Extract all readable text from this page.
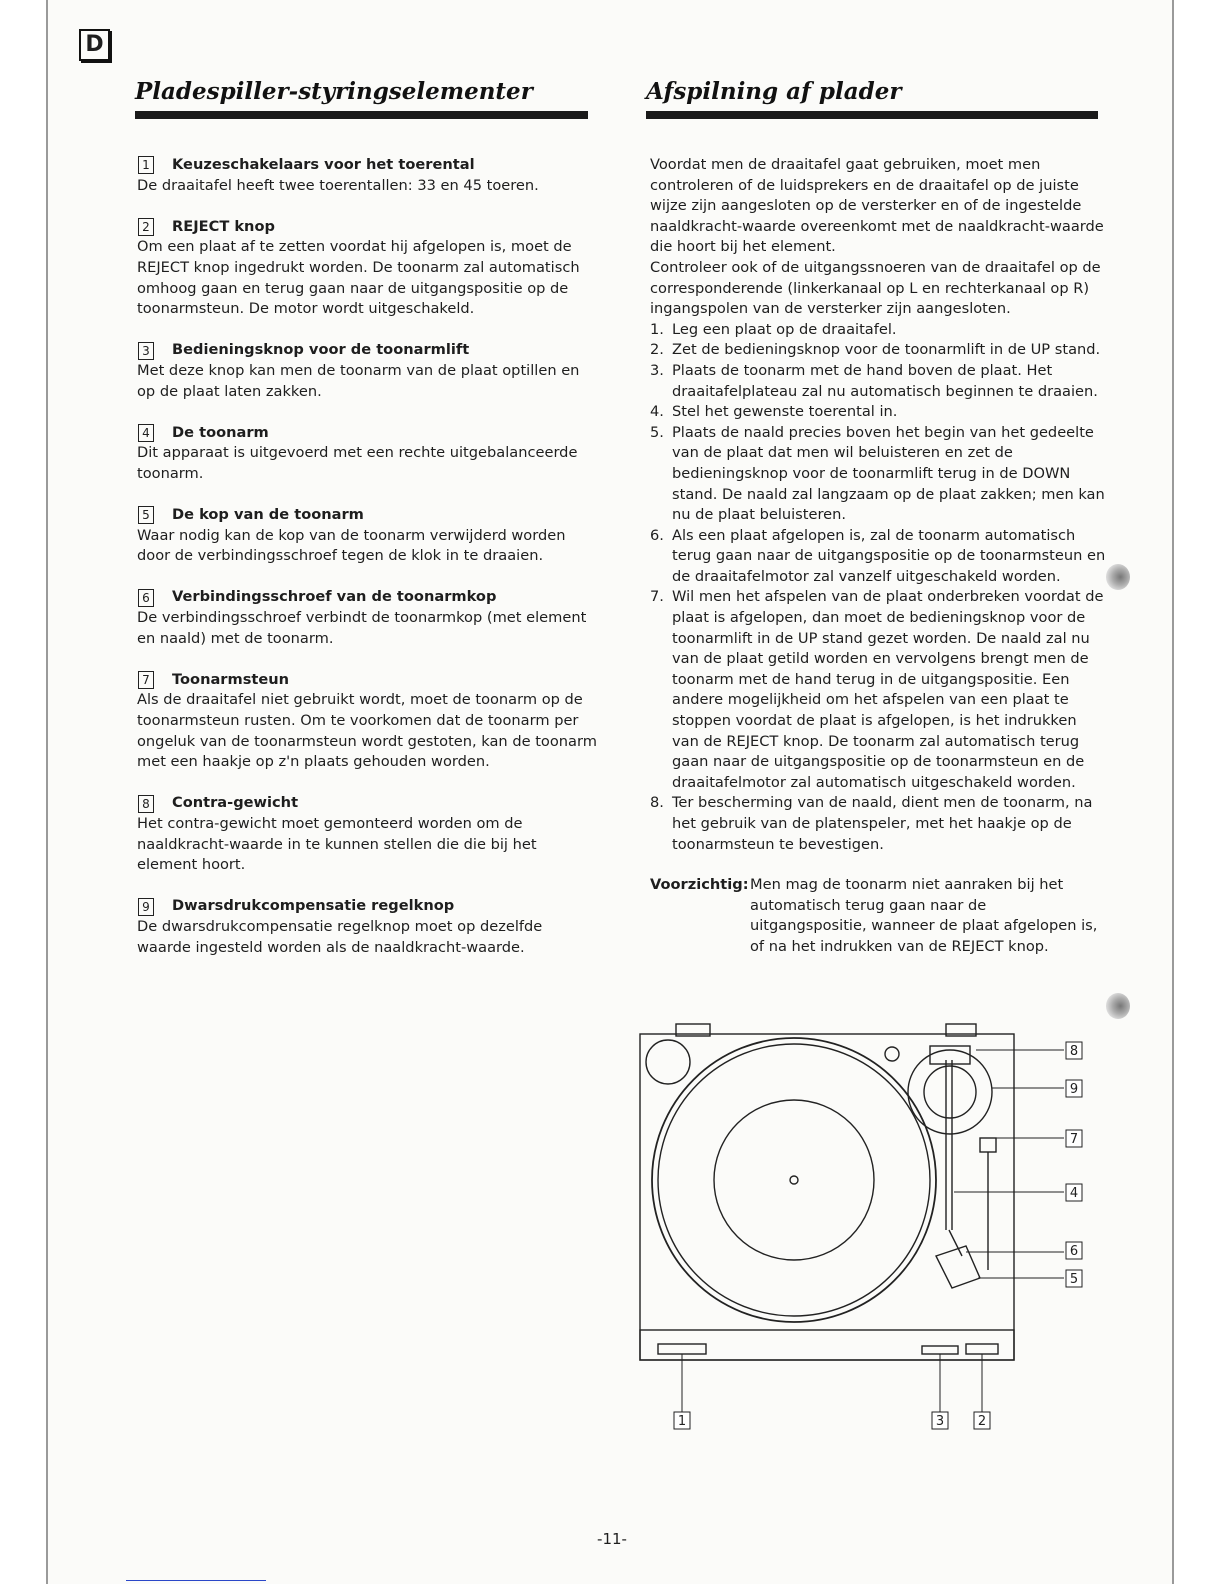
D
Pladespiller-styringselementer
1 Keuzeschakelaars voor het toerental

De draaitafel heeft twee toerentallen: 33 en 45 toeren.

2 REJECT knop

Om een plaat af te zetten voordat hij afgelopen is, moet de REJECT knop ingedrukt worden. De toonarm zal automatisch omhoog gaan en terug gaan naar de uitgangspositie op de toonarmsteun. De motor wordt uitgeschakeld.

3 Bedieningsknop voor de toonarmlift

Met deze knop kan men de toonarm van de plaat optillen en op de plaat laten zakken.

4 De toonarm

Dit apparaat is uitgevoerd met een rechte uitgebalanceerde toonarm.

5 De kop van de toonarm

Waar nodig kan de kop van de toonarm verwijderd worden door de verbindingsschroef tegen de klok in te draaien.

6 Verbindingsschroef van de toonarmkop

De verbindingsschroef verbindt de toonarmkop (met element en naald) met de toonarm.

7 Toonarmsteun

Als de draaitafel niet gebruikt wordt, moet de toonarm op de toonarmsteun rusten. Om te voorkomen dat de toonarm per ongeluk van de toonarmsteun wordt gestoten, kan de toonarm met een haakje op z'n plaats gehouden worden.

8 Contra-gewicht

Het contra-gewicht moet gemonteerd worden om de naaldkracht-waarde in te kunnen stellen die die bij het element hoort.

9 Dwarsdrukcompensatie regelknop

De dwarsdrukcompensatie regelknop moet op dezelfde waarde ingesteld worden als de naaldkracht-waarde.

Afspilning af plader

Voordat men de draaitafel gaat gebruiken, moet men controleren of de luidsprekers en de draaitafel op de juiste wijze zijn aangesloten op de versterker en of de ingestelde naaldkracht-waarde overeenkomt met de naaldkracht-waarde die hoort bij het element.

Controleer ook of de uitgangssnoeren van de draaitafel op de corresponderende (linkerkanaal op L en rechterkanaal op R) ingangspolen van de versterker zijn aangesloten.

1. Leg een plaat op de draaitafel.
2. Zet de bedieningsknop voor de toonarmlift in de UP stand.
3. Plaats de toonarm met de hand boven de plaat. Het draaitafelplateau zal nu automatisch beginnen te draaien.
4. Stel het gewenste toerental in.
5. Plaats de naald precies boven het begin van het gedeelte van de plaat dat men wil beluisteren en zet de bedieningsknop voor de toonarmlift terug in de DOWN stand. De naald zal langzaam op de plaat zakken; men kan nu de plaat beluisteren.
6. Als een plaat afgelopen is, zal de toonarm automatisch terug gaan naar de uitgangspositie op de toonarmsteun en de draaitafelmotor zal vanzelf uitgeschakeld worden.
7. Wil men het afspelen van de plaat onderbreken voordat de plaat is afgelopen, dan moet de bedieningsknop voor de toonarmlift in de UP stand gezet worden. De naald zal nu van de plaat getild worden en vervolgens brengt men de toonarm met de hand terug in de uitgangspositie. Een andere mogelijkheid om het afspelen van een plaat te stoppen voordat de plaat is afgelopen, is het indrukken van de REJECT knop. De toonarm zal automatisch terug gaan naar de uitgangspositie op de toonarmsteun en de draaitafelmotor zal automatisch uitgeschakeld worden.
8. Ter bescherming van de naald, dient men de toonarm, na het gebruik van de platenspeler, met het haakje op de toonarmsteun te bevestigen.
Voorzichtig: Men mag de toonarm niet aanraken bij het automatisch terug gaan naar de uitgangspositie, wanneer de plaat afgelopen is, of na het indrukken van de REJECT knop.
8
9
7
4
6
5
1	3	2
-11-
